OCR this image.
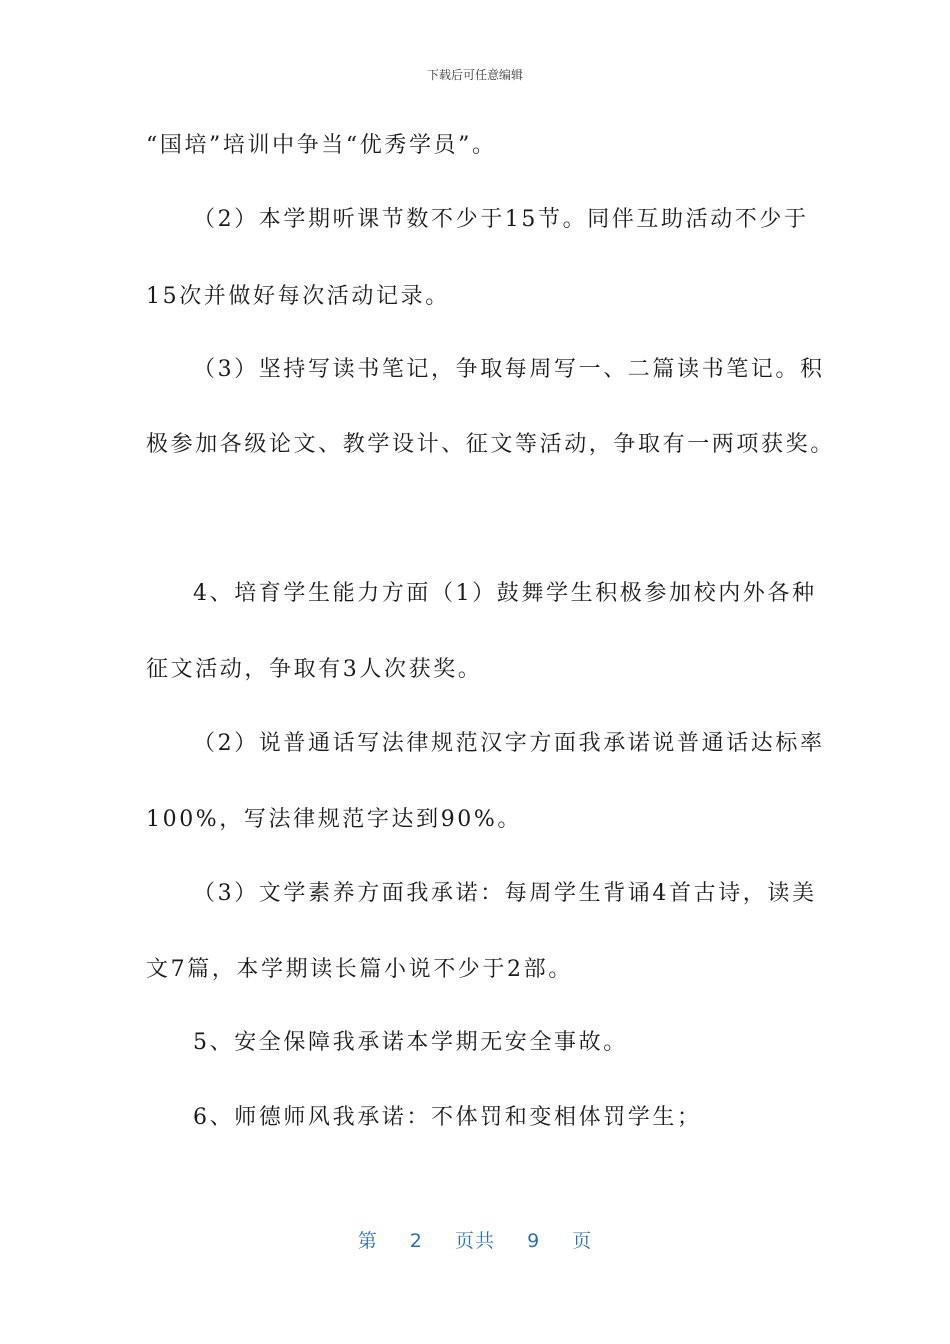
下载后可任意编辑
“国培”培训中争当“优秀学员”。
（2）本学期听课节数不少于15节。同伴互助活动不少于
15次并做好每次活动记录。
（3）坚持写读书笔记，争取每周写一、二篇读书笔记。积
极参加各级论文、教学设计、征文等活动，争取有一两项获奖。
4、培育学生能力方面（1）鼓舞学生积极参加校内外各种
征文活动，争取有3人次获奖。
（2）说普通话写法律规范汉字方面我承诺说普通话达标率
100%，写法律规范字达到90%。
（3）文学素养方面我承诺：每周学生背诵4首古诗，读美
文7篇，本学期读长篇小说不少于2部。
5、安全保障我承诺本学期无安全事故。
6、师德师风我承诺：不体罚和变相体罚学生；
第 2 页共 9 页
